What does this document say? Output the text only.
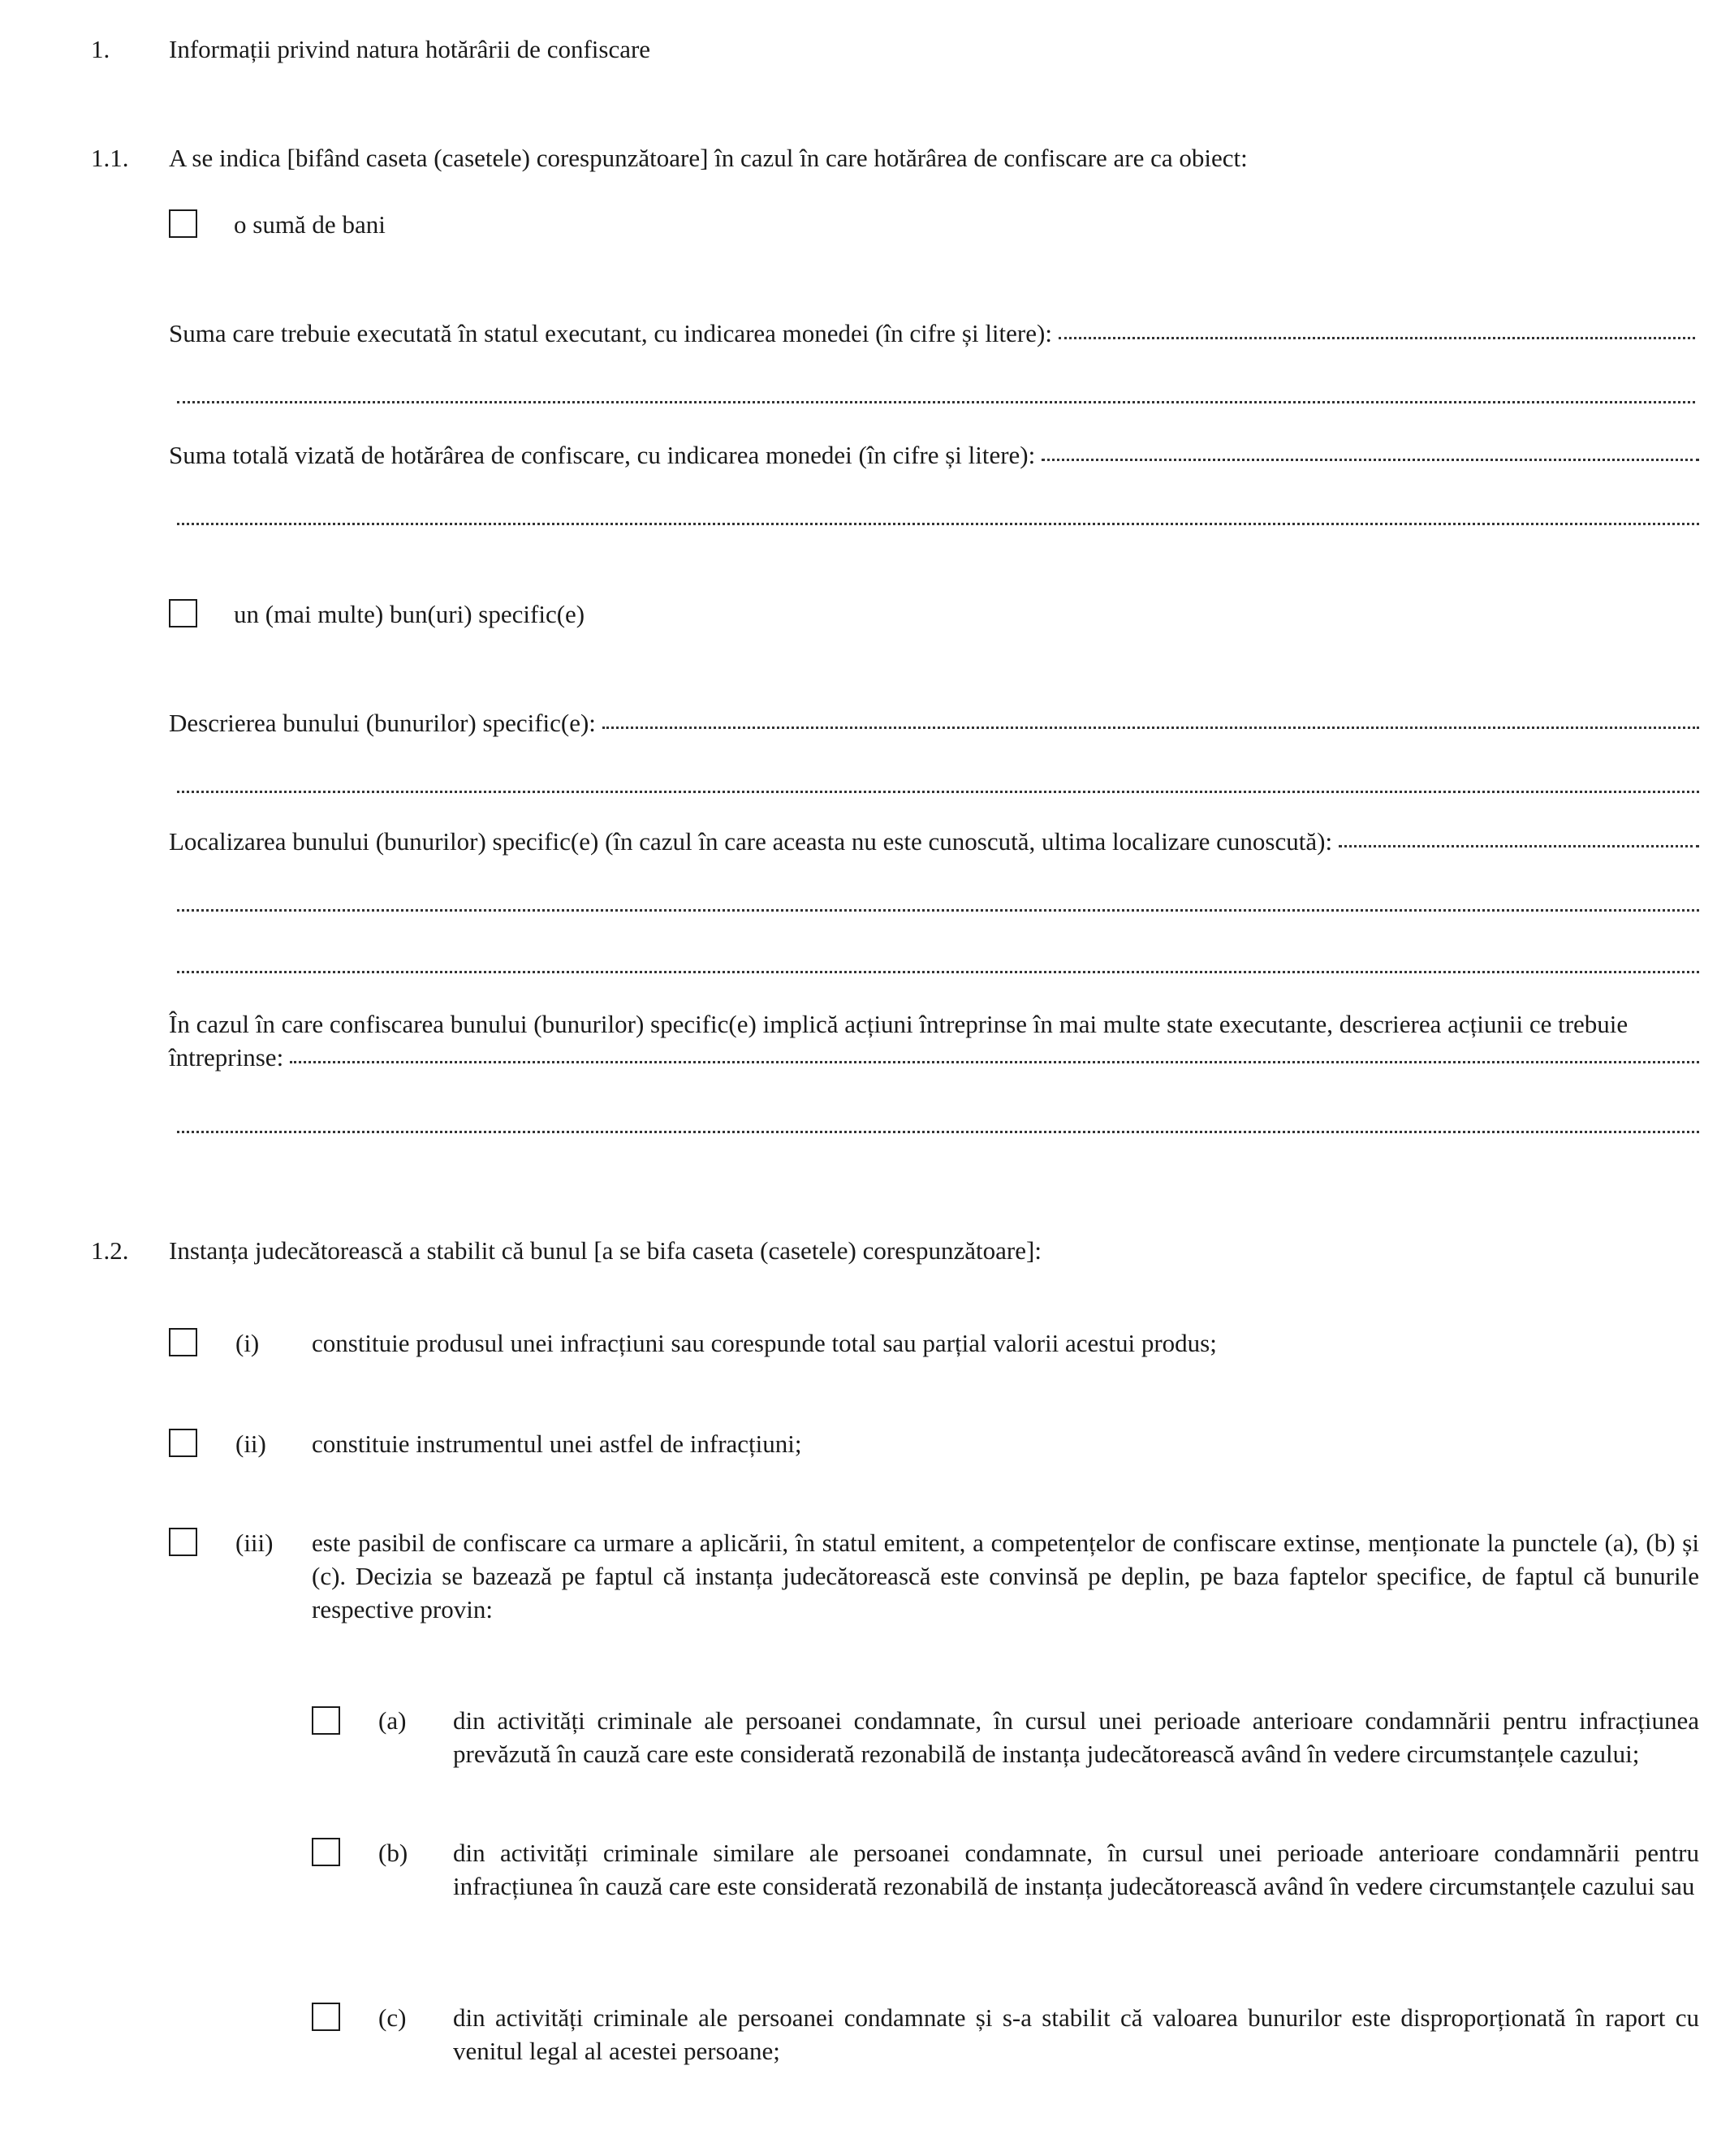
1. Informații privind natura hotărârii de confiscare
1.1. A se indica [bifând caseta (casetele) corespunzătoare] în cazul în care hotărârea de confiscare are ca obiect:
o sumă de bani
Suma care trebuie executată în statul executant, cu indicarea monedei (în cifre și litere):
Suma totală vizată de hotărârea de confiscare, cu indicarea monedei (în cifre și litere):
un (mai multe) bun(uri) specific(e)
Descrierea bunului (bunurilor) specific(e):
Localizarea bunului (bunurilor) specific(e) (în cazul în care aceasta nu este cunoscută, ultima localizare cunoscută):
În cazul în care confiscarea bunului (bunurilor) specific(e) implică acțiuni întreprinse în mai multe state executante, descrierea acțiunii ce trebuie
întreprinse:
1.2. Instanța judecătorească a stabilit că bunul [a se bifa caseta (casetele) corespunzătoare]:
(i) constituie produsul unei infracțiuni sau corespunde total sau parțial valorii acestui produs;
(ii) constituie instrumentul unei astfel de infracțiuni;
(iii) este pasibil de confiscare ca urmare a aplicării, în statul emitent, a competențelor de confiscare extinse, menționate la punctele (a), (b) și (c). Decizia se bazează pe faptul că instanța judecătorească este convinsă pe deplin, pe baza faptelor specifice, de faptul că bunurile respective provin:
(a) din activități criminale ale persoanei condamnate, în cursul unei perioade anterioare condamnării pentru infracțiunea prevăzută în cauză care este considerată rezonabilă de instanța judecătorească având în vedere circumstanțele cazului;
(b) din activități criminale similare ale persoanei condamnate, în cursul unei perioade anterioare condamnării pentru infracțiunea în cauză care este considerată rezonabilă de instanța judecătorească având în vedere circumstanțele cazului sau
(c) din activități criminale ale persoanei condamnate și s-a stabilit că valoarea bunurilor este disproporționată în raport cu venitul legal al acestei persoane;
